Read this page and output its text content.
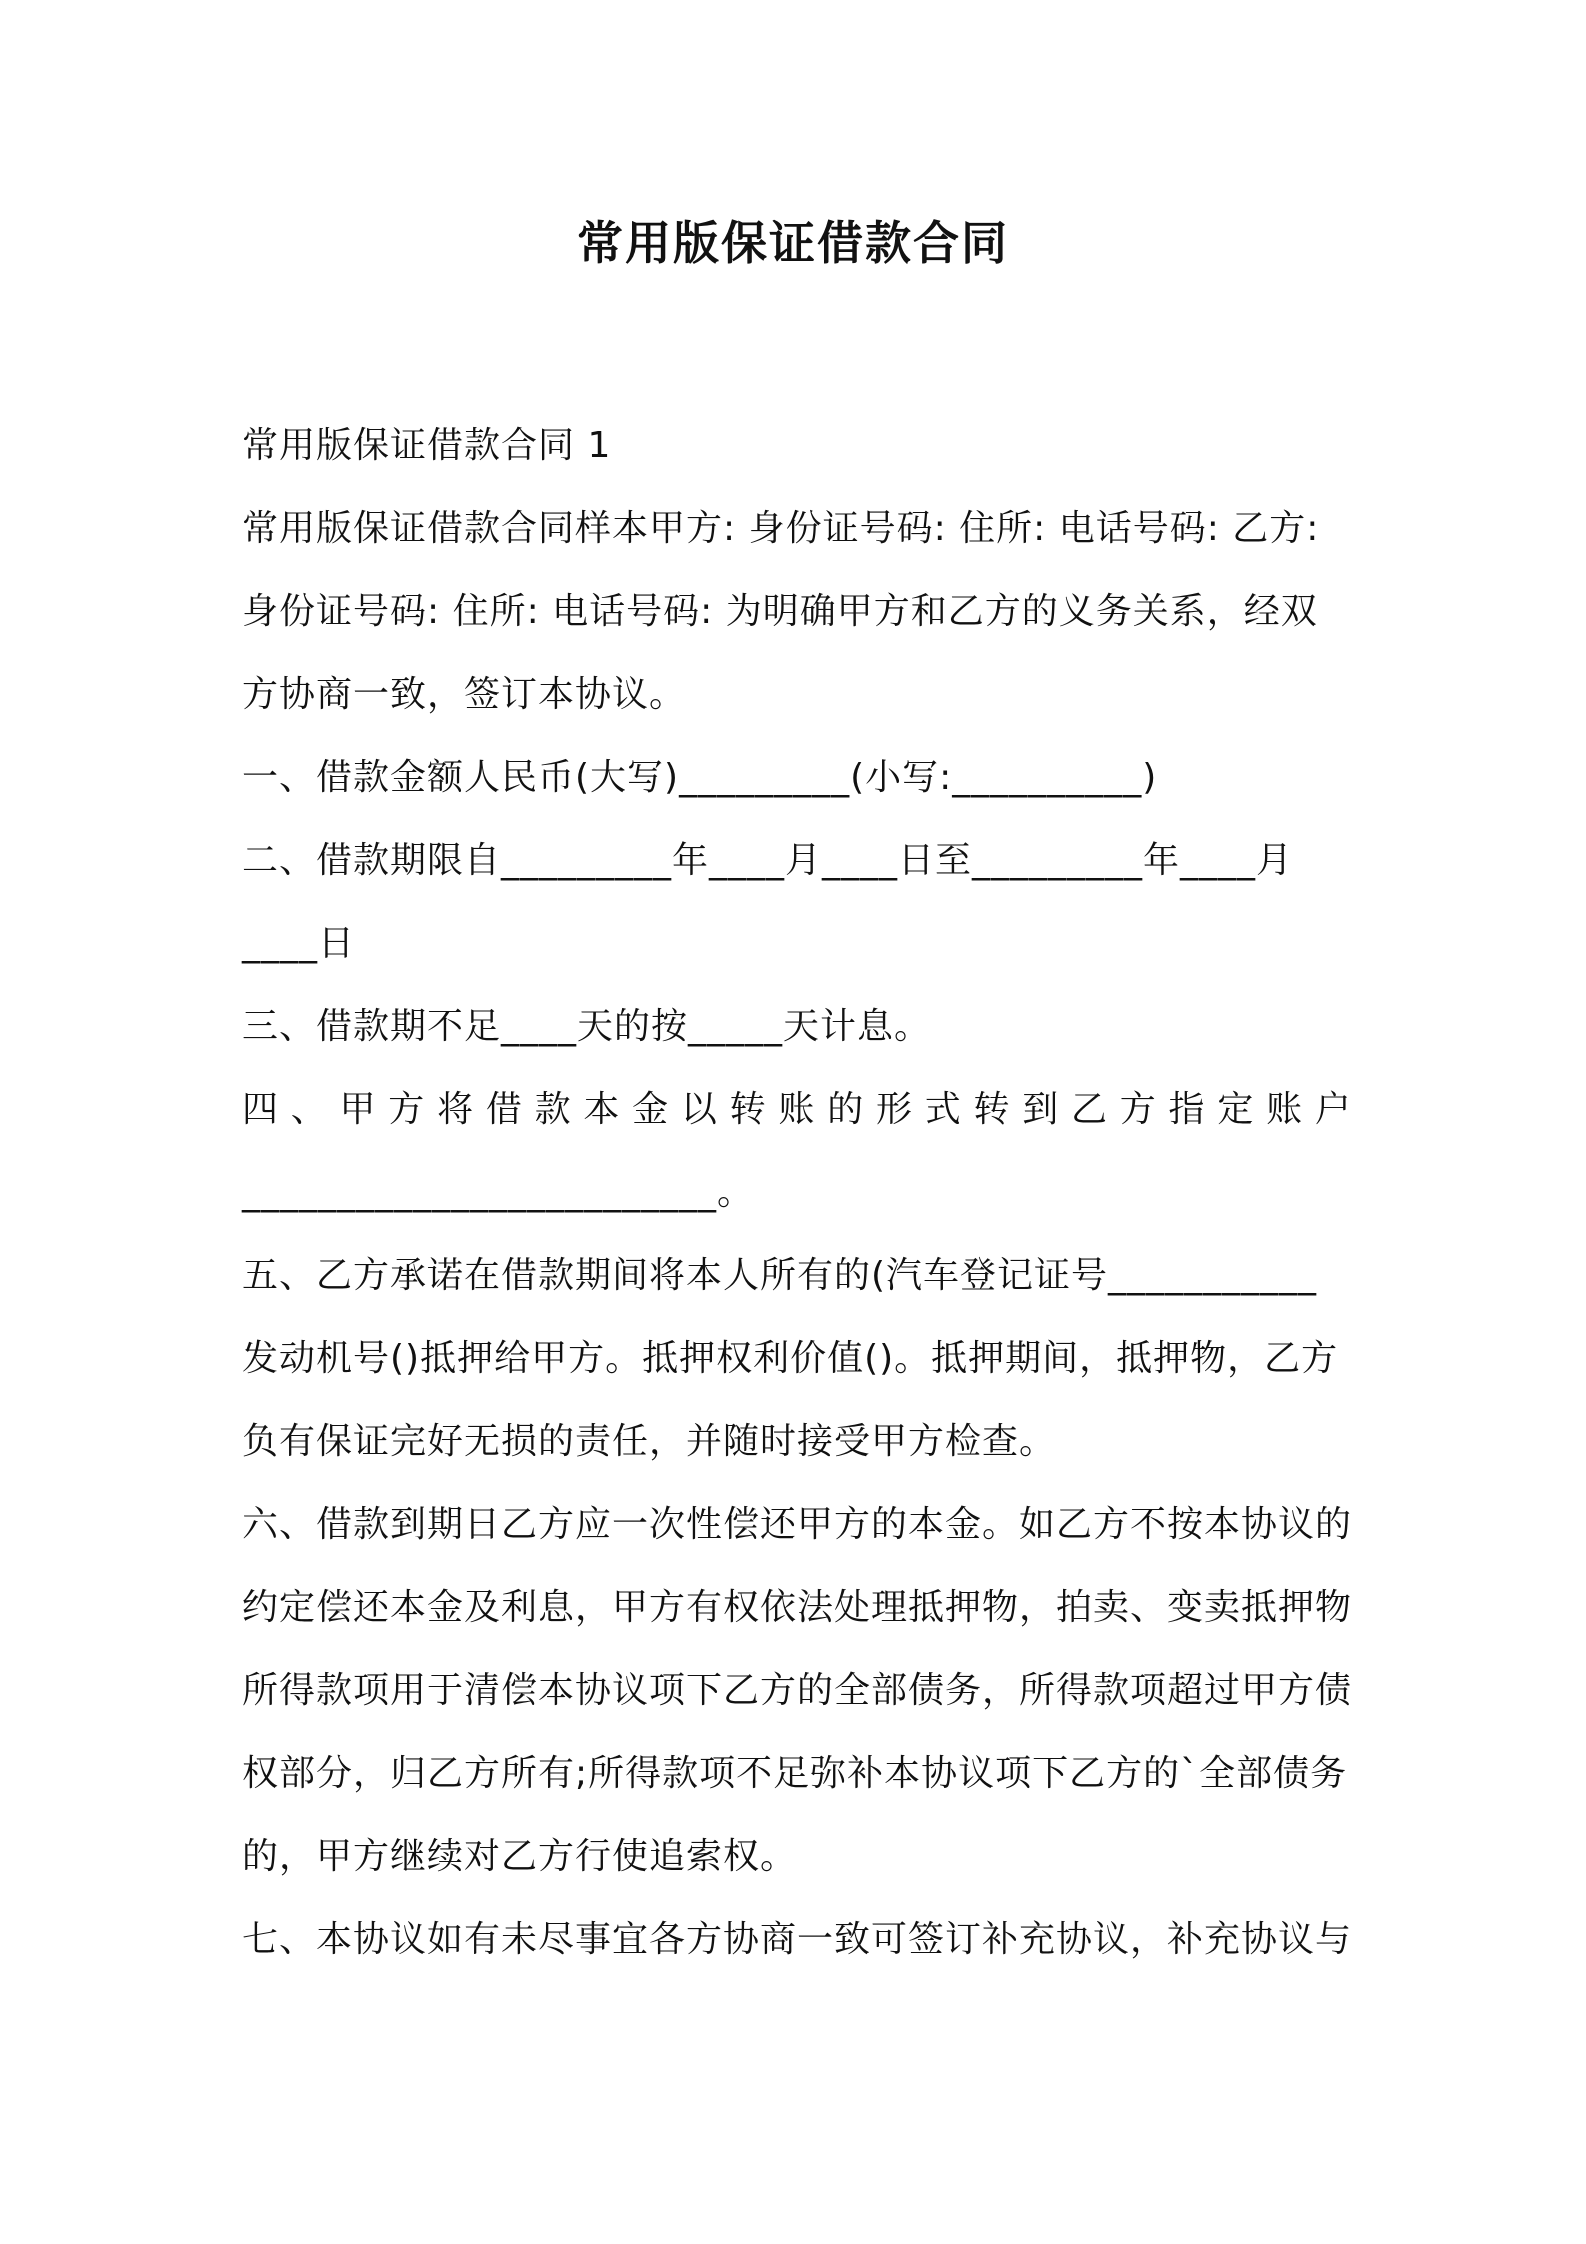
常用版保证借款合同
常用版保证借款合同 1
常用版保证借款合同样本甲方: 身份证号码: 住所: 电话号码: 乙方:
身份证号码: 住所: 电话号码: 为明确甲方和乙方的义务关系，经双
方协商一致，签订本协议。
一、借款金额人民币(大写)_________(小写:__________)
二、借款期限自_________年____月____日至_________年____月
____日
三、借款期不足____天的按_____天计息。
四 、 甲 方 将 借 款 本 金 以 转 账 的 形 式 转 到 乙 方 指 定 账 户
_________________________。
五、乙方承诺在借款期间将本人所有的(汽车登记证号___________
发动机号()抵押给甲方。抵押权利价值()。抵押期间，抵押物，乙方
负有保证完好无损的责任，并随时接受甲方检查。
六、借款到期日乙方应一次性偿还甲方的本金。如乙方不按本协议的
约定偿还本金及利息，甲方有权依法处理抵押物，拍卖、变卖抵押物
所得款项用于清偿本协议项下乙方的全部债务，所得款项超过甲方债
权部分，归乙方所有;所得款项不足弥补本协议项下乙方的`全部债务
的，甲方继续对乙方行使追索权。
七、本协议如有未尽事宜各方协商一致可签订补充协议，补充协议与
